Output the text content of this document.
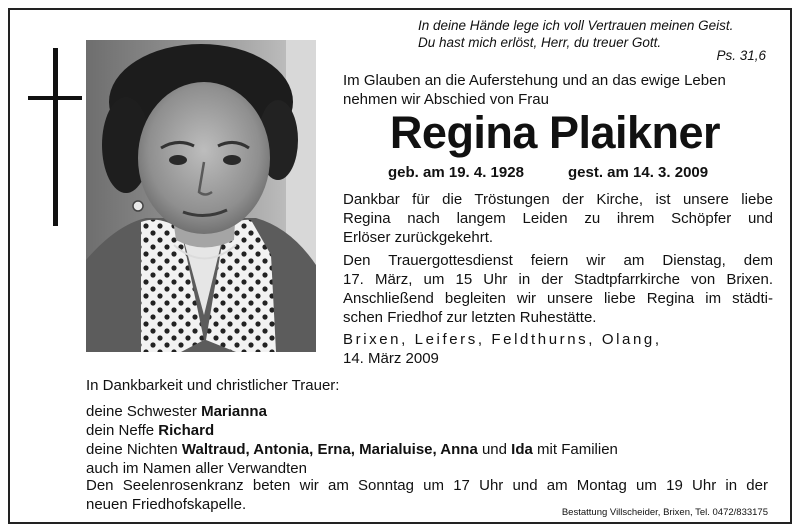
In deine Hände lege ich voll Vertrauen meinen Geist.
Du hast mich erlöst, Herr, du treuer Gott.
Ps. 31,6
Im Glauben an die Auferstehung und an das ewige Leben
nehmen wir Abschied von Frau
Regina Plaikner
geb. am 19. 4. 1928	gest. am 14. 3. 2009
Dankbar für die Tröstungen der Kirche, ist unsere liebe
Regina nach langem Leiden zu ihrem Schöpfer und
Erlöser zurückgekehrt.
Den Trauergottesdienst feiern wir am Dienstag, dem
17. März, um 15 Uhr in der Stadtpfarrkirche von Brixen.
Anschließend begleiten wir unsere liebe Regina im städti-
schen Friedhof zur letzten Ruhestätte.
Brixen, Leifers, Feldthurns, Olang,
14. März 2009
In Dankbarkeit und christlicher Trauer:
deine Schwester Marianna
dein Neffe Richard
deine Nichten Waltraud, Antonia, Erna, Marialuise, Anna und Ida mit Familien
auch im Namen aller Verwandten
Den Seelenrosenkranz beten wir am Sonntag um 17 Uhr und am Montag um 19 Uhr in der
neuen Friedhofskapelle.	Bestattung Villscheider, Brixen, Tel. 0472/833175
